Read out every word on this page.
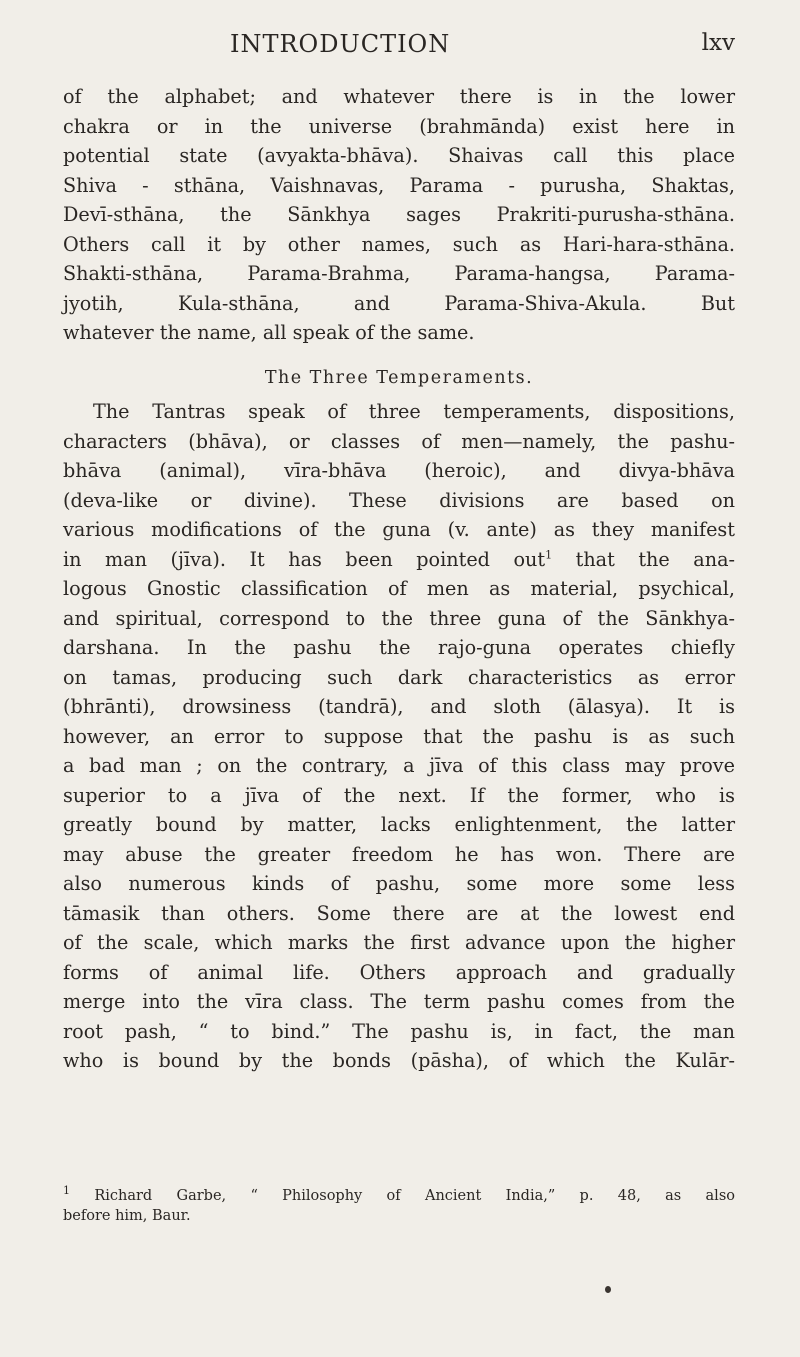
INTRODUCTION	lxv
of the alphabet; and whatever there is in the lower
chakra or in the universe (brahmānda) exist here in
potential state (avyakta-bhāva). Shaivas call this place
Shiva - sthāna, Vaishnavas, Parama - purusha, Shaktas,
Devī-sthāna, the Sānkhya sages Prakriti-purusha-sthāna.
Others call it by other names, such as Hari-hara-sthāna.
Shakti-sthāna, Parama-Brahma, Parama-hangsa, Parama-
jyotih, Kula-sthāna, and Parama-Shiva-Akula. But
whatever the name, all speak of the same.
The Three Temperaments.
The Tantras speak of three temperaments, dispositions,
characters (bhāva), or classes of men—namely, the pashu-
bhāva (animal), vīra-bhāva (heroic), and divya-bhāva
(deva-like or divine). These divisions are based on
various modifications of the guna (v. ante) as they manifest
in man (jīva). It has been pointed out$^1$ that the ana-
logous Gnostic classification of men as material, psychical,
and spiritual, correspond to the three guna of the Sānkhya-
darshana. In the pashu the rajo-guna operates chiefly
on tamas, producing such dark characteristics as error
(bhrānti), drowsiness (tandrā), and sloth (ālasya). It is
however, an error to suppose that the pashu is as such
a bad man ; on the contrary, a jīva of this class may prove
superior to a jīva of the next. If the former, who is
greatly bound by matter, lacks enlightenment, the latter
may abuse the greater freedom he has won. There are
also numerous kinds of pashu, some more some less
tāmasik than others. Some there are at the lowest end
of the scale, which marks the first advance upon the higher
forms of animal life. Others approach and gradually
merge into the vīra class. The term pashu comes from the
root pash, “ to bind.” The pashu is, in fact, the man
who is bound by the bonds (pāsha), of which the Kulār-
$^1$ Richard Garbe, “ Philosophy of Ancient India,” p. 48, as also
before him, Baur.
